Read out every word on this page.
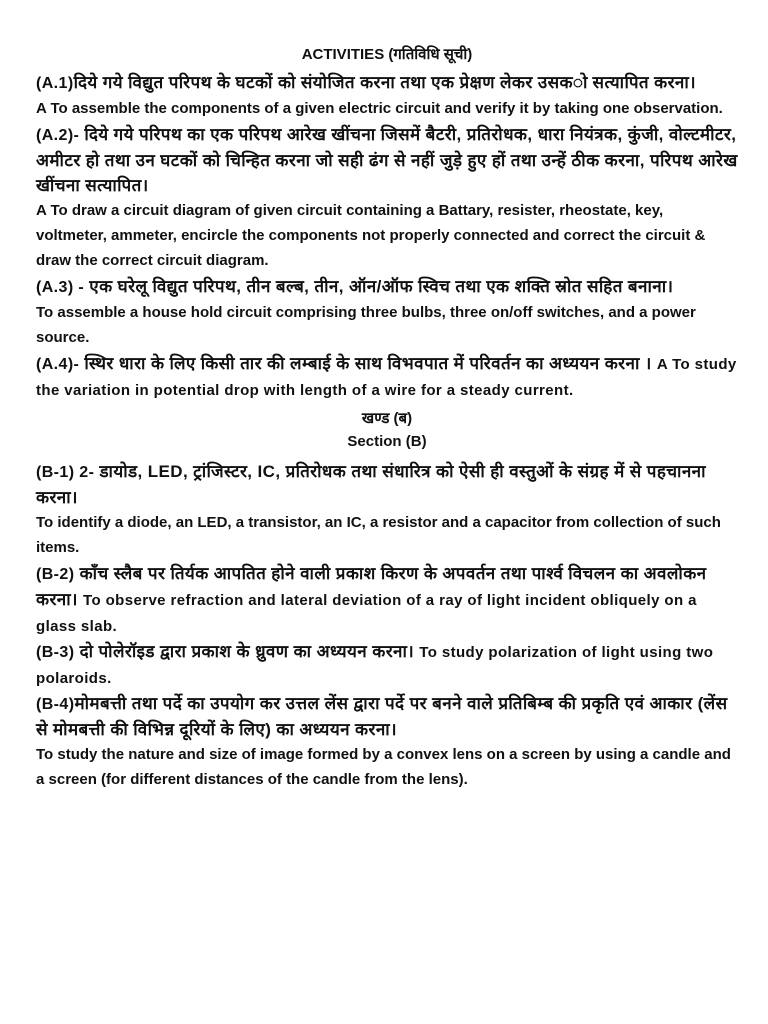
ACTIVITIES (गतिविधि सूची)

(A.1)दिये गये विद्युत परिपथ के घटकों को संयोजित करना तथा एक प्रेक्षण लेकर उसक​ो सत्यापित करना।

A To assemble the components of a given electric circuit and verify it by taking one observation.

(A.2)- दिये गये परिपथ का एक परिपथ आरेख खींचना जिसमें बैटरी, प्रतिरोधक, धारा नियंत्रक, कुंजी, वोल्टमीटर, अमीटर हो तथा उन घटकों को चिन्हित करना जो सही ढंग से नहीं जुड़े हुए हों तथा उन्हें ठीक करना, परिपथ आरेख खींचना सत्यापित।

A To draw a circuit diagram of given circuit containing a Battary, resister, rheostate, key, voltmeter, ammeter, encircle the components not properly connected and correct the circuit & draw the correct circuit diagram.

(A.3) - एक घरेलू विद्युत परिपथ, तीन बल्ब, तीन, ऑन/ऑफ स्विच तथा एक शक्ति स्रोत सहित बनाना।

To assemble a house hold circuit comprising three bulbs, three on/off switches, and a power source.

(A.4)- स्थिर धारा के लिए किसी तार की लम्बाई के साथ विभवपात में परिवर्तन का अध्ययन करना । A To study the variation in potential drop with length of a wire for a steady current.

खण्ड (ब)
Section (B)

(B-1) 2- डायोड, LED, ट्रांजिस्टर, IC, प्रतिरोधक तथा संधारित्र को ऐसी ही वस्तुओं के संग्रह में से पहचानना करना।

To identify a diode, an LED, a transistor, an IC, a resistor and a capacitor from collection of such items.

(B-2) काँच स्लैब पर तिर्यक आपतित होने वाली प्रकाश किरण के अपवर्तन तथा पार्श्व विचलन का अवलोकन करना। To observe refraction and lateral deviation of a ray of light incident obliquely on a glass slab.

(B-3) दो पोलेरॉइड द्वारा प्रकाश के ध्रुवण का अध्ययन करना। To study polarization of light using two polaroids.

(B-4)मोमबत्ती तथा पर्दे का उपयोग कर उत्तल लेंस द्वारा पर्दे पर बनने वाले प्रतिबिम्ब की प्रकृति एवं आकार (लेंस से मोमबत्ती की विभिन्न दूरियों के लिए) का अध्ययन करना।

To study the nature and size of image formed by a convex lens on a screen by using a candle and a screen (for different distances of the candle from the lens).
